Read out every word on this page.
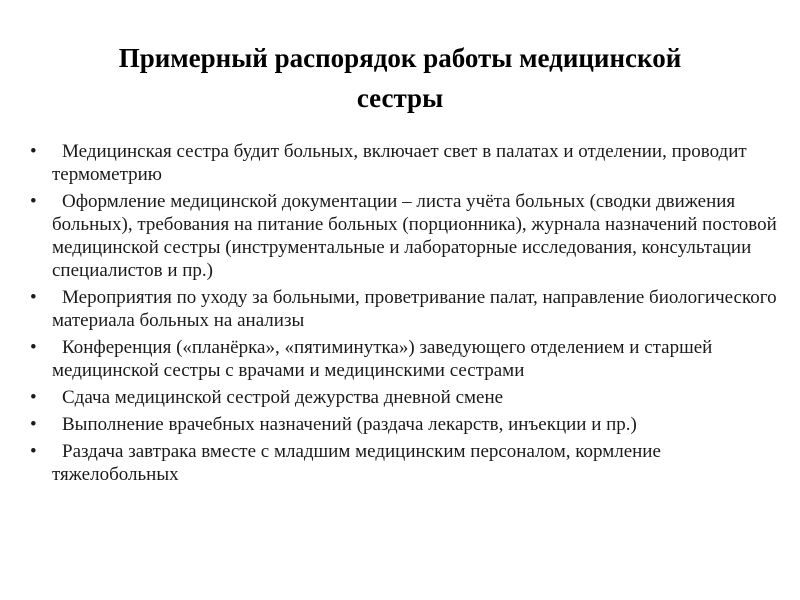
Примерный распорядок работы медицинской
сестры
•	Медицинская сестра будит больных, включает свет в палатах и отделении, проводит термометрию
•	Оформление медицинской документации – листа учёта больных (сводки движения больных), требования на питание больных (порционника), журнала назначений постовой медицинской сестры (инструментальные и лабораторные исследования, консультации специалистов и пр.)
•	Мероприятия по уходу за больными, проветривание палат, направление биологического материала больных на анализы
•	Конференция («планёрка», «пятиминутка») заведующего отделением и старшей медицинской сестры с врачами и медицинскими сестрами
•	Сдача медицинской сестрой дежурства дневной смене
•	Выполнение врачебных назначений (раздача лекарств, инъекции и пр.)
•	Раздача завтрака вместе с младшим медицинским персоналом, кормление тяжелобольных
